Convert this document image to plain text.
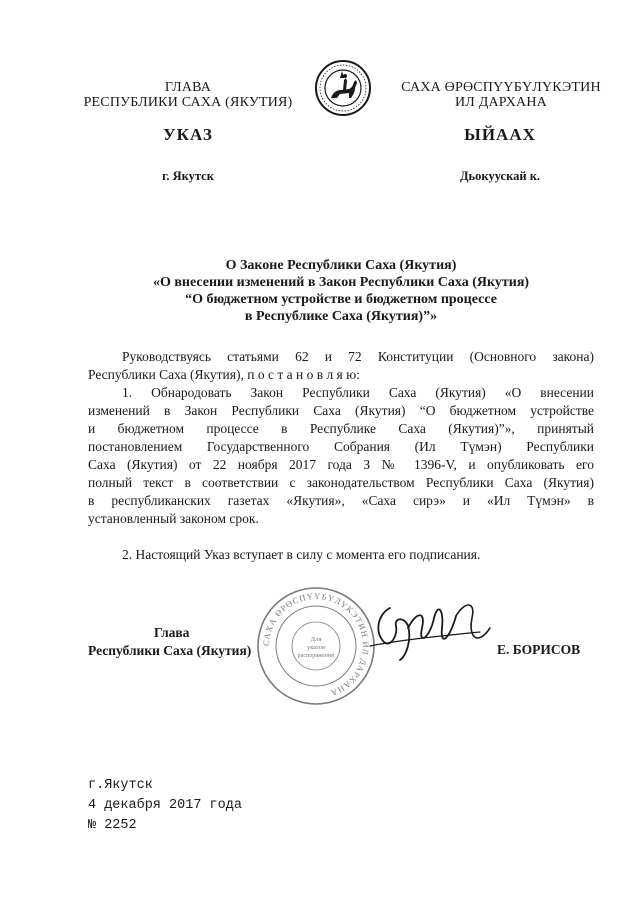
ГЛАВА
РЕСПУБЛИКИ САХА (ЯКУТИЯ)
САХА ӨРӨСПҮҮБҮЛҮКЭТИН
ИЛ ДАРХАНА
УКАЗ	ЫЙААХ
г. Якутск	Дьокуускай к.
О Законе Республики Саха (Якутия)
«О внесении изменений в Закон Республики Саха (Якутия)
“О бюджетном устройстве и бюджетном процессе
в Республике Саха (Якутия)”»
Руководствуясь статьями 62 и 72 Конституции (Основного закона)
Республики Саха (Якутия), п о с т а н о в л я ю:
1. Обнародовать Закон Республики Саха (Якутия) «О внесении
изменений в Закон Республики Саха (Якутия) “О бюджетном устройстве
и бюджетном процессе в Республике Саха (Якутия)”», принятый
постановлением Государственного Собрания (Ил Түмэн) Республики
Саха (Якутия) от 22 ноября 2017 года З № 1396-V, и опубликовать его
полный текст в соответствии с законодательством Республики Саха (Якутия)
в республиканских газетах «Якутия», «Саха сирэ» и «Ил Түмэн» в
установленный законом срок.
2. Настоящий Указ вступает в силу с момента его подписания.
САХА ӨРӨСПҮҮБҮЛҮКЭТИН ИЛ ДАРХАНА
Для
указов
распоряжений
Глава
Республики Саха (Якутия)	Е. БОРИСОВ
г.Якутск
4 декабря 2017 года
№ 2252
